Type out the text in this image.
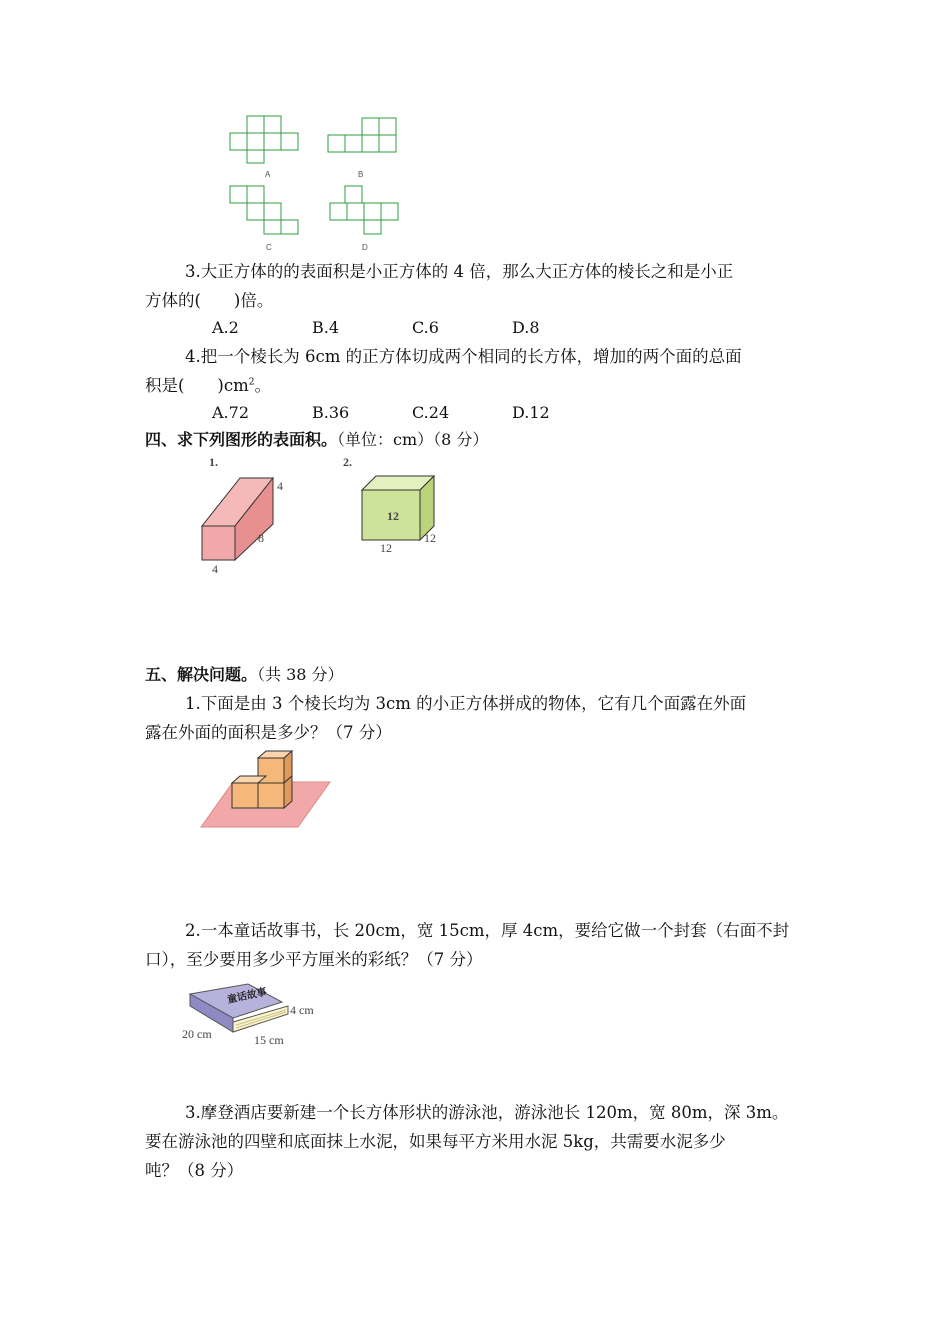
A	B
C	D
3.大正方体的的表面积是小正方体的 4 倍，那么大正方体的棱长之和是小正
方体的(　　)倍。
A.2	B.4	C.6	D.8
4.把一个棱长为 6cm 的正方体切成两个相同的长方体，增加的两个面的总面
积是(　　)$cm^2$。
A.72	B.36	C.24	D.12
四、求下列图形的表面积。（单位：cm）（8 分）
1.
4
8
4
2.
12
12
12
五、解决问题。（共 38 分）
1.下面是由 3 个棱长均为 3cm 的小正方体拼成的物体，它有几个面露在外面
露在外面的面积是多少？（7 分）
2.一本童话故事书，长 20cm，宽 15cm，厚 4cm，要给它做一个封套（右面不封
口），至少要用多少平方厘米的彩纸？（7 分）
童话故事
4 cm
20 cm	15 cm
3.摩登酒店要新建一个长方体形状的游泳池，游泳池长 120m，宽 80m，深 3m。
要在游泳池的四壁和底面抹上水泥，如果每平方米用水泥 5kg，共需要水泥多少
吨？（8 分）
